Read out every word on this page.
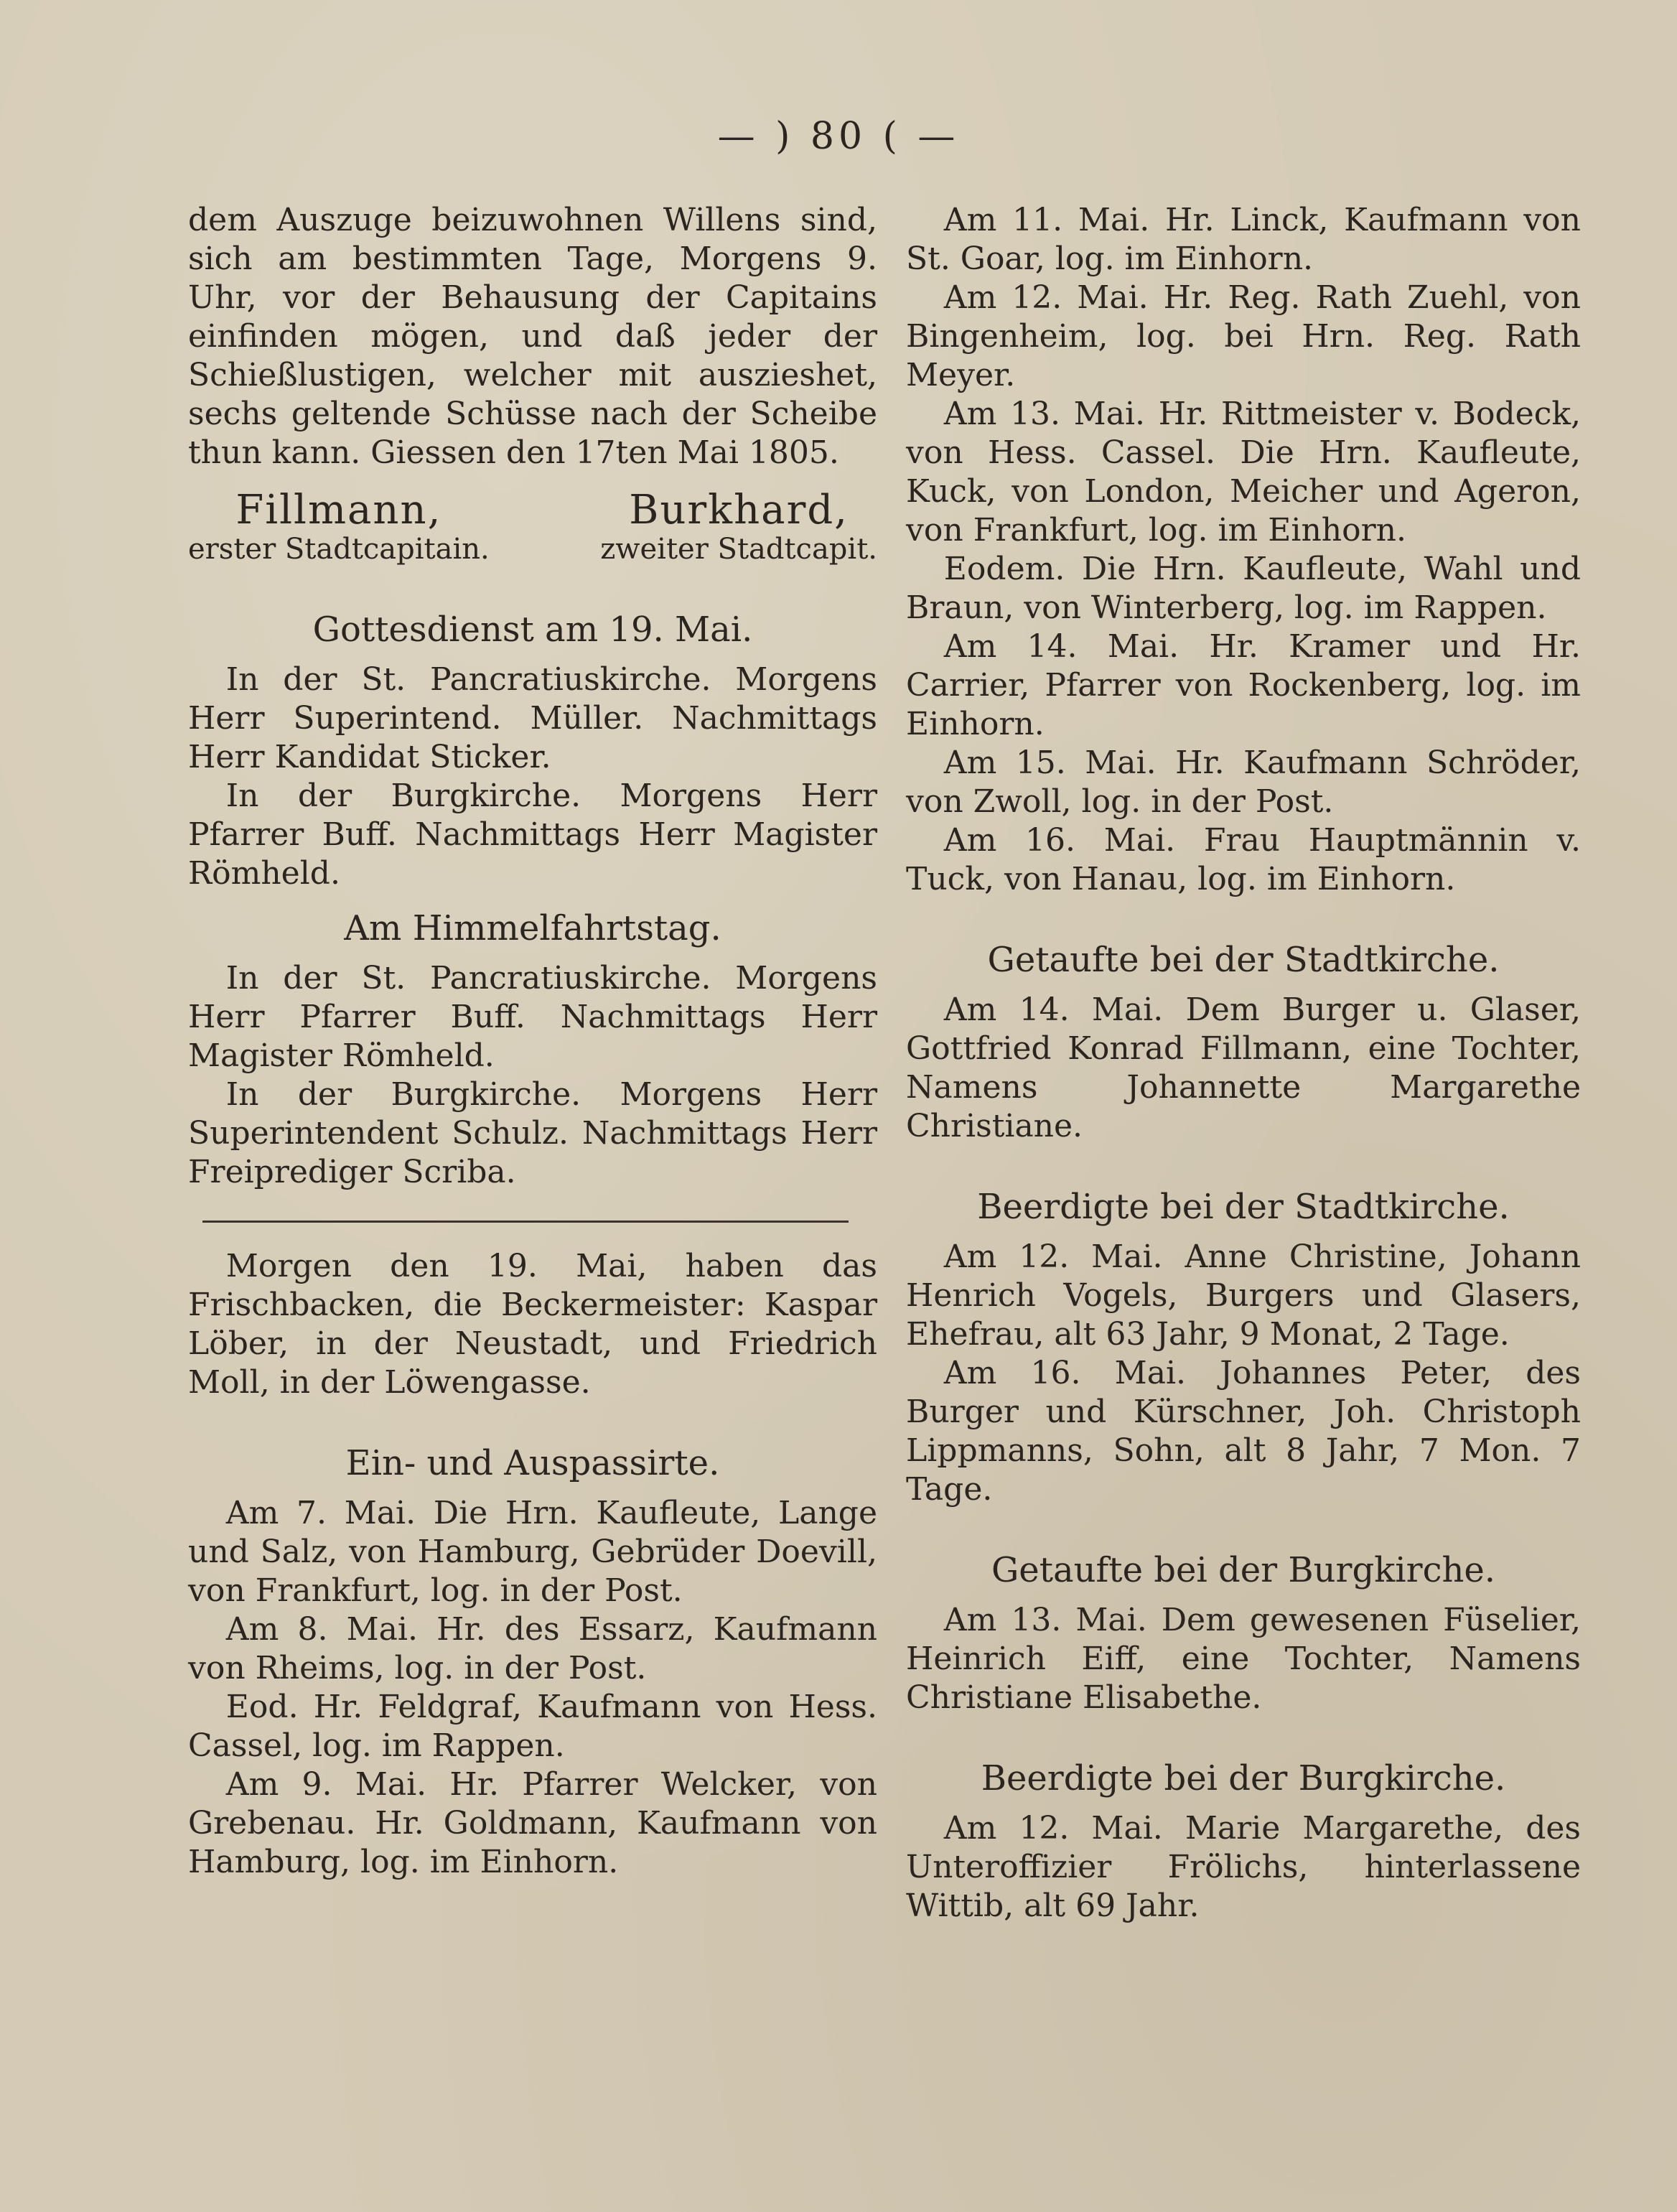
— ) 80 ( —

dem Auszuge beizuwohnen Willens sind, sich am bestimmten Tage, Morgens 9. Uhr, vor der Behausung der Capitains einfinden mögen, und daß jeder der Schießlustigen, welcher mit auszieshet, sechs geltende Schüsse nach der Scheibe thun kann. Giessen den 17ten Mai 1805.

Fillmann,
erster Stadtcapitain.
Burkhard,
zweiter Stadtcapit.
Gottesdienst am 19. Mai.

In der St. Pancratiuskirche. Morgens Herr Superintend. Müller. Nachmittags Herr Kandidat Sticker.

In der Burgkirche. Morgens Herr Pfarrer Buff. Nachmittags Herr Magister Römheld.

Am Himmelfahrtstag.

In der St. Pancratiuskirche. Morgens Herr Pfarrer Buff. Nachmittags Herr Magister Römheld.

In der Burgkirche. Morgens Herr Superintendent Schulz. Nachmittags Herr Freiprediger Scriba.

Morgen den 19. Mai, haben das Frischbacken, die Beckermeister: Kaspar Löber, in der Neustadt, und Friedrich Moll, in der Löwengasse.

Ein- und Auspassirte.

Am 7. Mai. Die Hrn. Kaufleute, Lange und Salz, von Hamburg, Gebrüder Doevill, von Frankfurt, log. in der Post.

Am 8. Mai. Hr. des Essarz, Kaufmann von Rheims, log. in der Post.

Eod. Hr. Feldgraf, Kaufmann von Hess. Cassel, log. im Rappen.

Am 9. Mai. Hr. Pfarrer Welcker, von Grebenau. Hr. Goldmann, Kaufmann von Hamburg, log. im Einhorn.

Am 11. Mai. Hr. Linck, Kaufmann von St. Goar, log. im Einhorn.

Am 12. Mai. Hr. Reg. Rath Zuehl, von Bingenheim, log. bei Hrn. Reg. Rath Meyer.

Am 13. Mai. Hr. Rittmeister v. Bodeck, von Hess. Cassel. Die Hrn. Kaufleute, Kuck, von London, Meicher und Ageron, von Frankfurt, log. im Einhorn.

Eodem. Die Hrn. Kaufleute, Wahl und Braun, von Winterberg, log. im Rappen.

Am 14. Mai. Hr. Kramer und Hr. Carrier, Pfarrer von Rockenberg, log. im Einhorn.

Am 15. Mai. Hr. Kaufmann Schröder, von Zwoll, log. in der Post.

Am 16. Mai. Frau Hauptmännin v. Tuck, von Hanau, log. im Einhorn.

Getaufte bei der Stadtkirche.

Am 14. Mai. Dem Burger u. Glaser, Gottfried Konrad Fillmann, eine Tochter, Namens Johannette Margarethe Christiane.

Beerdigte bei der Stadtkirche.

Am 12. Mai. Anne Christine, Johann Henrich Vogels, Burgers und Glasers, Ehefrau, alt 63 Jahr, 9 Monat, 2 Tage.

Am 16. Mai. Johannes Peter, des Burger und Kürschner, Joh. Christoph Lippmanns, Sohn, alt 8 Jahr, 7 Mon. 7 Tage.

Getaufte bei der Burgkirche.

Am 13. Mai. Dem gewesenen Füselier, Heinrich Eiff, eine Tochter, Namens Christiane Elisabethe.

Beerdigte bei der Burgkirche.

Am 12. Mai. Marie Margarethe, des Unteroffizier Frölichs, hinterlassene Wittib, alt 69 Jahr.
